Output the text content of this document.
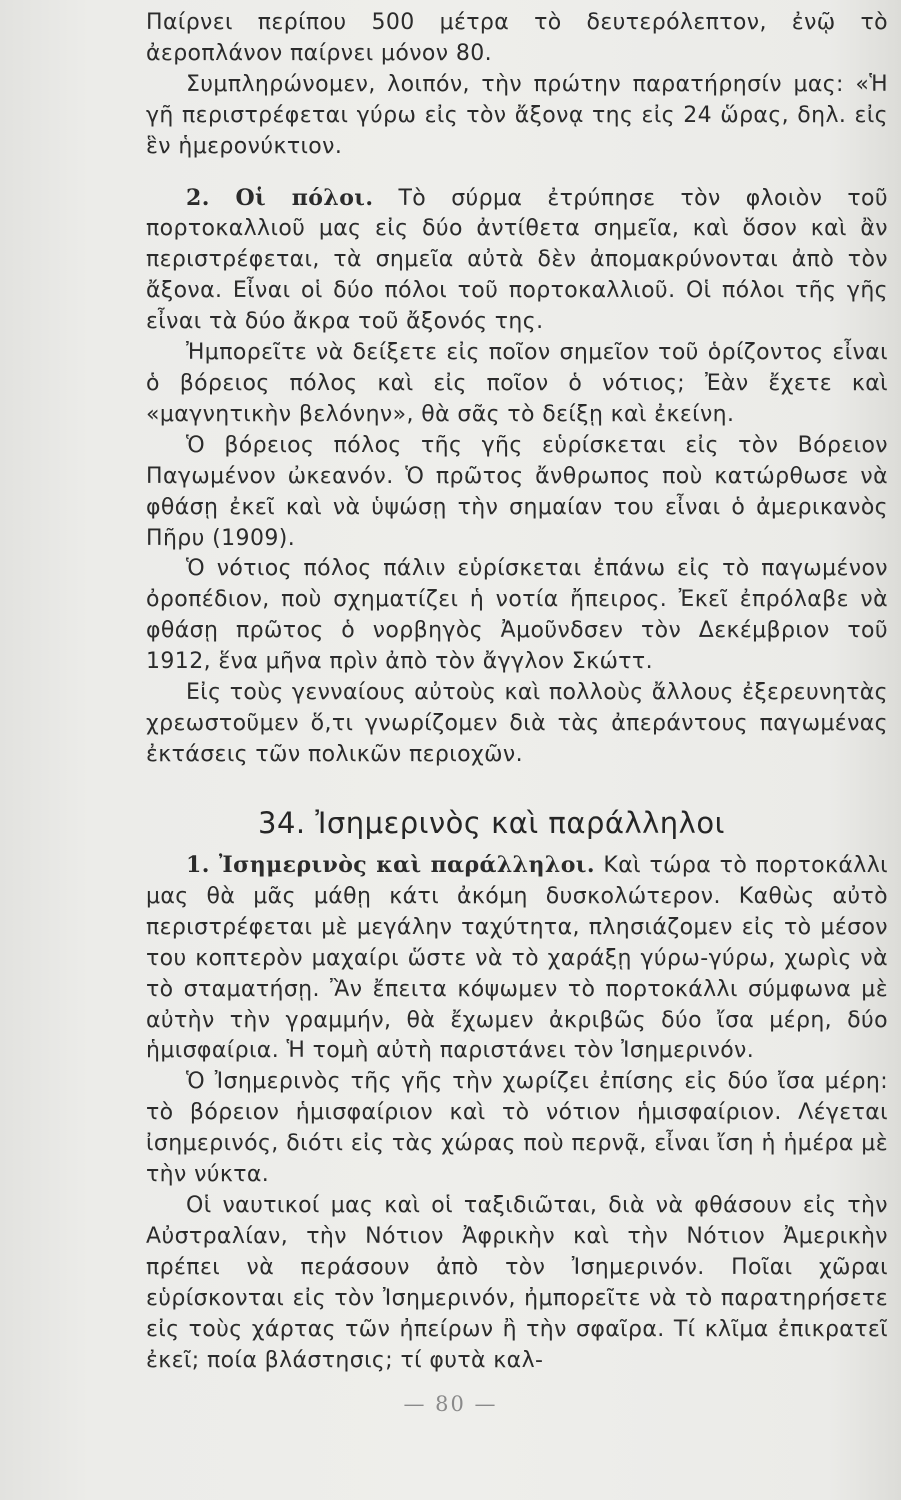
Παίρνει περίπου 500 μέτρα τὸ δευτερόλεπτον, ἐνῷ τὸ ἀεροπλάνον παίρνει μόνον 80.

Συμπληρώνομεν, λοιπόν, τὴν πρώτην παρατήρησίν μας: «Ἡ γῆ περιστρέφεται γύρω εἰς τὸν ἄξονᾳ της εἰς 24 ὥρας, δηλ. εἰς ἓν ἡμερονύκτιον.

2. Οἱ πόλοι. Τὸ σύρμα ἐτρύπησε τὸν φλοιὸν τοῦ πορτοκαλλιοῦ μας εἰς δύο ἀντίθετα σημεῖα, καὶ ὅσον καὶ ἂν περιστρέφεται, τὰ σημεῖα αὐτὰ δὲν ἀπομακρύνονται ἀπὸ τὸν ἄξονα. Εἶναι οἱ δύο πόλοι τοῦ πορτοκαλλιοῦ. Οἱ πόλοι τῆς γῆς εἶναι τὰ δύο ἄκρα τοῦ ἄξονός της.

Ἠμπορεῖτε νὰ δείξετε εἰς ποῖον σημεῖον τοῦ ὁρίζοντος εἶναι ὁ βόρειος πόλος καὶ εἰς ποῖον ὁ νότιος; Ἐὰν ἔχετε καὶ «μαγνητικὴν βελόνην», θὰ σᾶς τὸ δείξῃ καὶ ἐκείνη.

Ὁ βόρειος πόλος τῆς γῆς εὑρίσκεται εἰς τὸν Βόρειον Παγωμένον ὠκεανόν. Ὁ πρῶτος ἄνθρωπος ποὺ κατώρθωσε νὰ φθάσῃ ἐκεῖ καὶ νὰ ὑψώσῃ τὴν σημαίαν του εἶναι ὁ ἀμερικανὸς Πῆρυ (1909).

Ὁ νότιος πόλος πάλιν εὑρίσκεται ἐπάνω εἰς τὸ παγωμένον ὀροπέδιον, ποὺ σχηματίζει ἡ νοτία ἤπειρος. Ἐκεῖ ἐπρόλαβε νὰ φθάσῃ πρῶτος ὁ νορβηγὸς Ἀμοῦνδσεν τὸν Δεκέμβριον τοῦ 1912, ἕνα μῆνα πρὶν ἀπὸ τὸν ἄγγλον Σκώττ.

Εἰς τοὺς γενναίους αὐτοὺς καὶ πολλοὺς ἄλλους ἐξερευνητὰς χρεωστοῦμεν ὅ,τι γνωρίζομεν διὰ τὰς ἀπεράντους παγωμένας ἐκτάσεις τῶν πολικῶν περιοχῶν.

34. Ἰσημερινὸς καὶ παράλληλοι

1. Ἰσημερινὸς καὶ παράλληλοι. Καὶ τώρα τὸ πορτοκάλλι μας θὰ μᾶς μάθῃ κάτι ἀκόμη δυσκολώτερον. Καθὼς αὐτὸ περιστρέφεται μὲ μεγάλην ταχύτητα, πλησιάζομεν εἰς τὸ μέσον του κοπτερὸν μαχαίρι ὥστε νὰ τὸ χαράξῃ γύρω-γύρω, χωρὶς νὰ τὸ σταματήσῃ. Ἂν ἔπειτα κόψωμεν τὸ πορτοκάλλι σύμφωνα μὲ αὐτὴν τὴν γραμμήν, θὰ ἔχωμεν ἀκριβῶς δύο ἴσα μέρη, δύο ἡμισφαίρια. Ἡ τομὴ αὐτὴ παριστάνει τὸν Ἰσημερινόν.

Ὁ Ἰσημερινὸς τῆς γῆς τὴν χωρίζει ἐπίσης εἰς δύο ἴσα μέρη: τὸ βόρειον ἡμισφαίριον καὶ τὸ νότιον ἡμισφαίριον. Λέγεται ἰσημερινός, διότι εἰς τὰς χώρας ποὺ περνᾷ, εἶναι ἴση ἡ ἡμέρα μὲ τὴν νύκτα.

Οἱ ναυτικοί μας καὶ οἱ ταξιδιῶται, διὰ νὰ φθάσουν εἰς τὴν Αὐστραλίαν, τὴν Νότιον Ἀφρικὴν καὶ τὴν Νότιον Ἀμερικὴν πρέπει νὰ περάσουν ἀπὸ τὸν Ἰσημερινόν. Ποῖαι χῶραι εὑρίσκονται εἰς τὸν Ἰσημερινόν, ἠμπορεῖτε νὰ τὸ παρατηρήσετε εἰς τοὺς χάρτας τῶν ἠπείρων ἢ τὴν σφαῖρα. Τί κλῖμα ἐπικρατεῖ ἐκεῖ; ποία βλάστησις; τί φυτὰ καλ-

— 80 —
